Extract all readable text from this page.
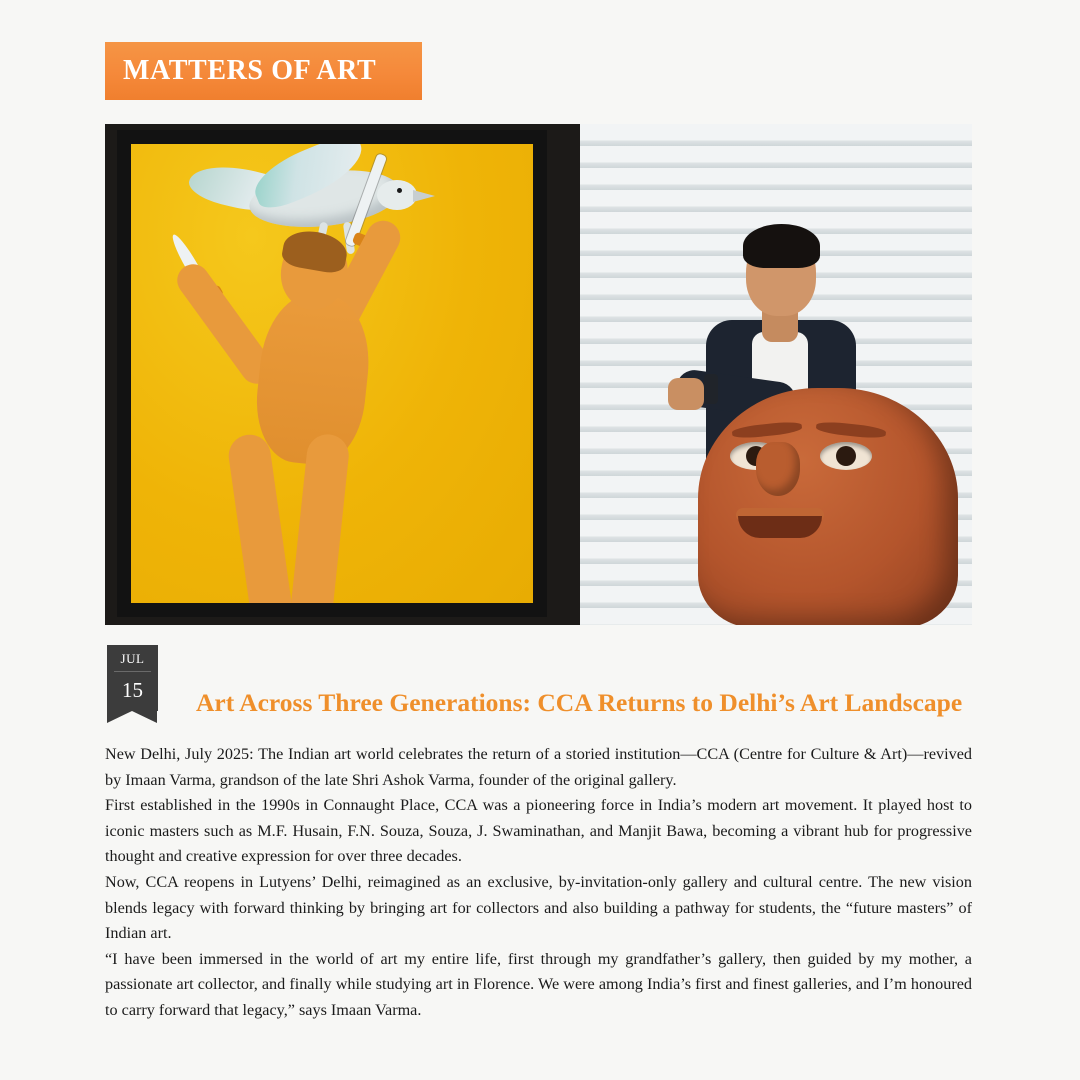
MATTERS OF ART
JUL
15	Art Across Three Generations: CCA Returns to Delhi’s Art Landscape

New Delhi, July 2025: The Indian art world celebrates the return of a storied institution—CCA (Centre for Culture & Art)—revived by Imaan Varma, grandson of the late Shri Ashok Varma, founder of the original gallery.

First established in the 1990s in Connaught Place, CCA was a pioneering force in India’s modern art movement. It played host to iconic masters such as M.F. Husain, F.N. Souza, Souza, J. Swaminathan, and Manjit Bawa, becoming a vibrant hub for progressive thought and creative expression for over three decades.

Now, CCA reopens in Lutyens’ Delhi, reimagined as an exclusive, by-invitation-only gallery and cultural centre. The new vision blends legacy with forward thinking by bringing art for collectors and also building a pathway for students, the “future masters” of Indian art.

“I have been immersed in the world of art my entire life, first through my grandfather’s gallery, then guided by my mother, a passionate art collector, and finally while studying art in Florence. We were among India’s first and finest galleries, and I’m honoured to carry forward that legacy,” says Imaan Varma.
